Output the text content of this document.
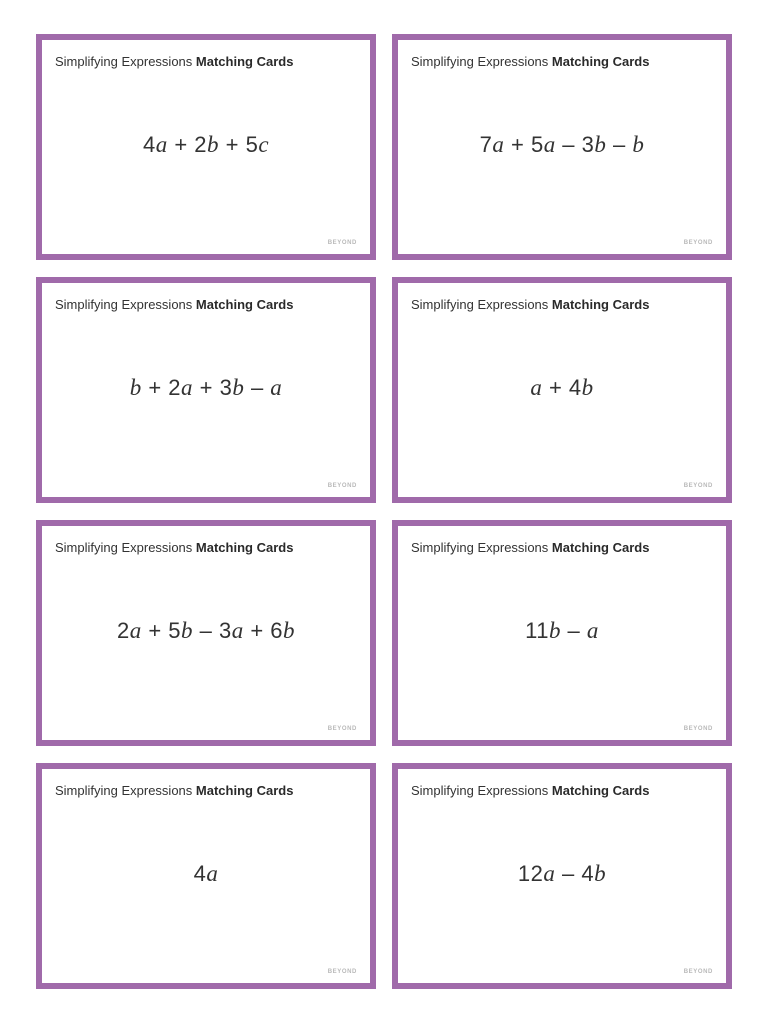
Simplifying Expressions Matching Cards
4a + 2b + 5c
BEYOND
Simplifying Expressions Matching Cards
7a + 5a – 3b – b
BEYOND
Simplifying Expressions Matching Cards
b + 2a + 3b – a
BEYOND
Simplifying Expressions Matching Cards
a + 4b
BEYOND
Simplifying Expressions Matching Cards
2a + 5b – 3a + 6b
BEYOND
Simplifying Expressions Matching Cards
11b – a
BEYOND
Simplifying Expressions Matching Cards
4a
BEYOND
Simplifying Expressions Matching Cards
12a – 4b
BEYOND
